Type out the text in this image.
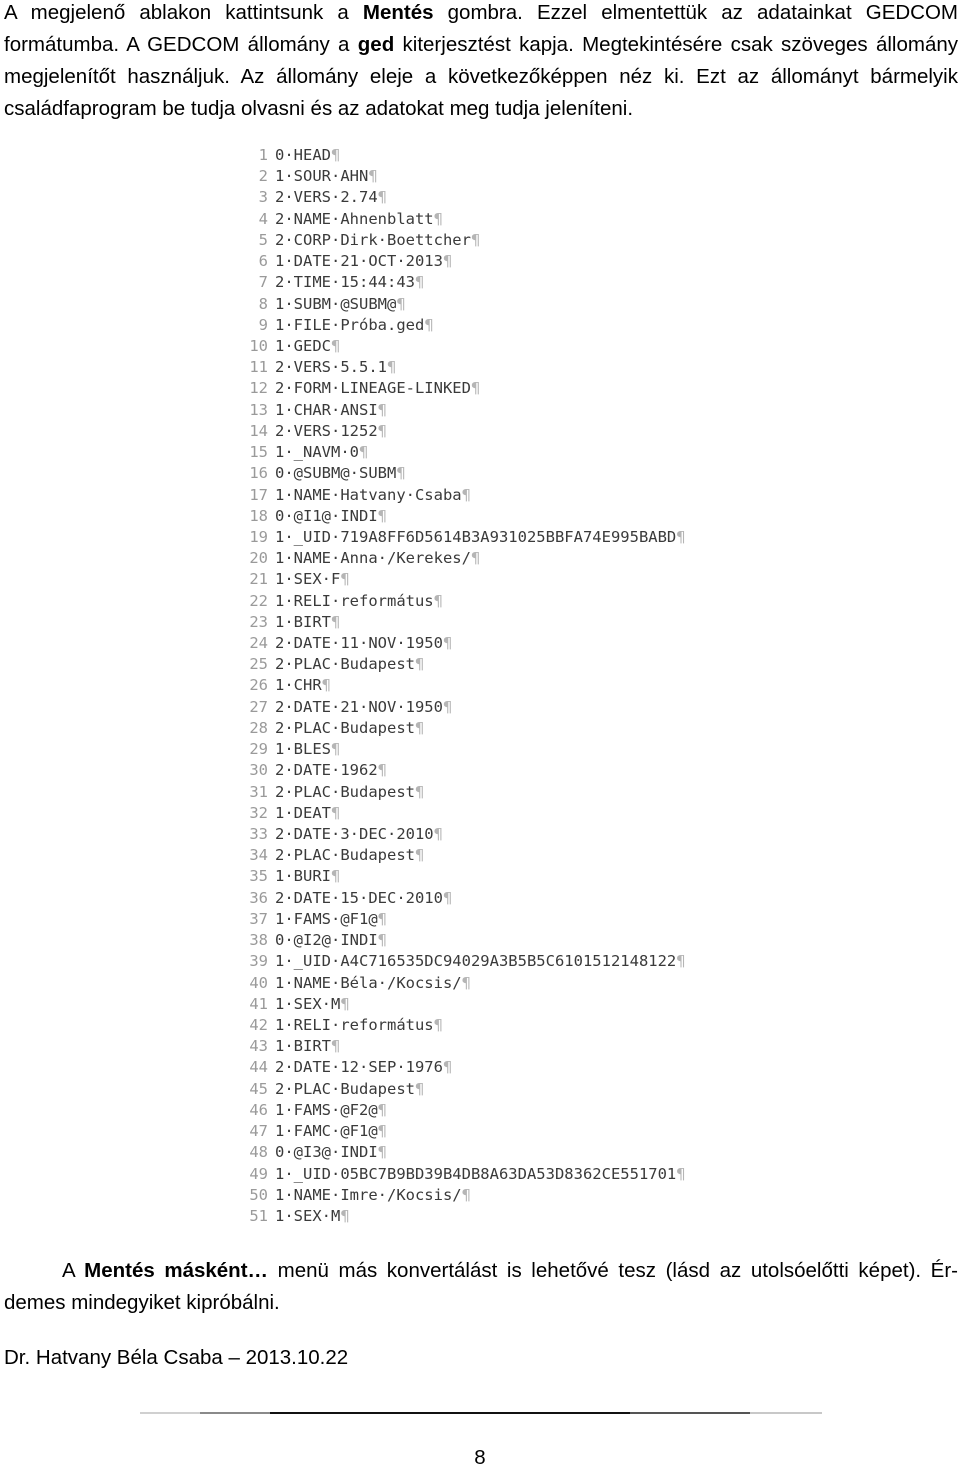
A megjelenő ablakon kattintsunk a Mentés gombra. Ezzel elmentettük az adatainkat GEDCOM formátumba. A GEDCOM állomány a ged kiterjesztést kapja. Megtekintésére csak szöveges állomány megjelenítőt használjuk. Az állomány eleje a következőképpen néz ki. Ezt az állományt bármelyik családfaprogram be tudja olvasni és az adatokat meg tudja jeleníteni.

1 0·HEAD¶
2 1·SOUR·AHN¶
3 2·VERS·2.74¶
4 2·NAME·Ahnenblatt¶
5 2·CORP·Dirk·Boettcher¶
6 1·DATE·21·OCT·2013¶
7 2·TIME·15:44:43¶
8 1·SUBM·@SUBM@¶
9 1·FILE·Próba.ged¶
10 1·GEDC¶
11 2·VERS·5.5.1¶
12 2·FORM·LINEAGE-LINKED¶
13 1·CHAR·ANSI¶
14 2·VERS·1252¶
15 1·_NAVM·0¶
16 0·@SUBM@·SUBM¶
17 1·NAME·Hatvany·Csaba¶
18 0·@I1@·INDI¶
19 1·_UID·719A8FF6D5614B3A931025BBFA74E995BABD¶
20 1·NAME·Anna·/Kerekes/¶
21 1·SEX·F¶
22 1·RELI·református¶
23 1·BIRT¶
24 2·DATE·11·NOV·1950¶
25 2·PLAC·Budapest¶
26 1·CHR¶
27 2·DATE·21·NOV·1950¶
28 2·PLAC·Budapest¶
29 1·BLES¶
30 2·DATE·1962¶
31 2·PLAC·Budapest¶
32 1·DEAT¶
33 2·DATE·3·DEC·2010¶
34 2·PLAC·Budapest¶
35 1·BURI¶
36 2·DATE·15·DEC·2010¶
37 1·FAMS·@F1@¶
38 0·@I2@·INDI¶
39 1·_UID·A4C716535DC94029A3B5B5C6101512148122¶
40 1·NAME·Béla·/Kocsis/¶
41 1·SEX·M¶
42 1·RELI·református¶
43 1·BIRT¶
44 2·DATE·12·SEP·1976¶
45 2·PLAC·Budapest¶
46 1·FAMS·@F2@¶
47 1·FAMC·@F1@¶
48 0·@I3@·INDI¶
49 1·_UID·05BC7B9BD39B4DB8A63DA53D8362CE551701¶
50 1·NAME·Imre·/Kocsis/¶
51 1·SEX·M¶

A Mentés másként… menü más konvertálást is lehetővé tesz (lásd az utolsóelőtti képet). Ér-demes mindegyiket kipróbálni.

Dr. Hatvany Béla Csaba – 2013.10.22

8
